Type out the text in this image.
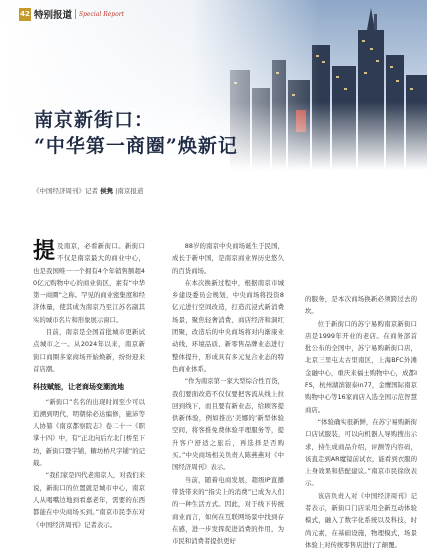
42 特别报道 Special Report
南京新街口：
“中华第一商圈”焕新记
《中国经济周刊》记者 侯隽 |南京报道

提及南京，必看新街口。新街口不仅是南京最大的商业中心，也是我国唯一一个拥有4个年销售额超40亿元购物中心的商业街区，素有“中华第一商圈”之称。罕见的商业密集度和经济体量，使其成为南京乃至江苏名副其实的城市名片和形象展示窗口。

目前，南京是全国首批城市更新试点城市之一。从2024年以来，南京新街口商圈多家商场开始焕新，纷纷迎来首店潮。

科技赋能，让老商场变潮流地

“新街口”名名的出现时间至少可以追溯到明代，明朝徐必达编修，施沛等人协纂《南京都察院志》卷二十一《职掌十四》中，有“正北向后左北门桥至下坊，新街口暨字铺，糖坊桥尺字铺”的记载。

“我们家是四代老南京人，对我们来说，新街口的位置就是城市中心，南京人从喝嘴边地到看嘉老年，需要的东西都能在中央商场买到。”南京市民李东对《中国经济周刊》记者表示。

88岁的南京中央商场诞生于民国，成长于新中国，是南京商业界历史悠久的百货商场。

在本次换新过程中，根据南京市城乡建设委员会规划，中央商场将投资8亿元进行空间改造，打造沉浸式新消费场景，聚焦轻奢消费、商店经济和洞红团聚，改造后的中央商场将对内渐康业动线、环境品质、新零售品牌业态进行整体提升，形成具有多元复合业态的特色商业体系。

“作为南京第一家大型综合性百货，我们要面改造不仅仅要把客流从线上拉回到线下，而且要有新业态，给顾客提供新体验，例如推出‘美娜的’新型体验空间，将客推免费体验平理服务等，提升客户舒适之旅后，再选择是否购买。”中央商场相关负责人陈燕燕对《中国经济周刊》表示。

当前，随着电商发展，超级IP直播带货带来的“指尖上的消费”已成为人们的一种生活方式。因此，对于线下传统商业而言，如何在互联网场景中找到存在感，进一步发挥促进消费的作用，为市民和消费者提供更好

的服务，是本次商场换新必须跨过去的坎。

位于新街口的苏宁易购南京新街口店是1999年开业的老店。在商务部首批公布的全国中，苏宁易购新街口店，北京三里屯太古里南区，上海BFC外滩金融中心，重庆来福士购物中心，成都IFS，杭州湖滨银泰in77，金鹰国际南京购物中心等16家商店入选全国示范智慧商店。

“体验确实很新鲜，在苏宁易购新街口店试服装，可以向机器人导购搜出示求，持生成商品介绍，评测等内容码，该直走到AR魔镜前试衣，能看到衣服的上身效果和搭配建议。”南京市民徐欣表示。

该店负责人对《中国经济周刊》记者表示，新街口门店采用全新互动体验模式，融入了数字化系统以及科技，时尚元素，在基础设施，物理模式，场景体验上对传统零售店进行了颠覆。
